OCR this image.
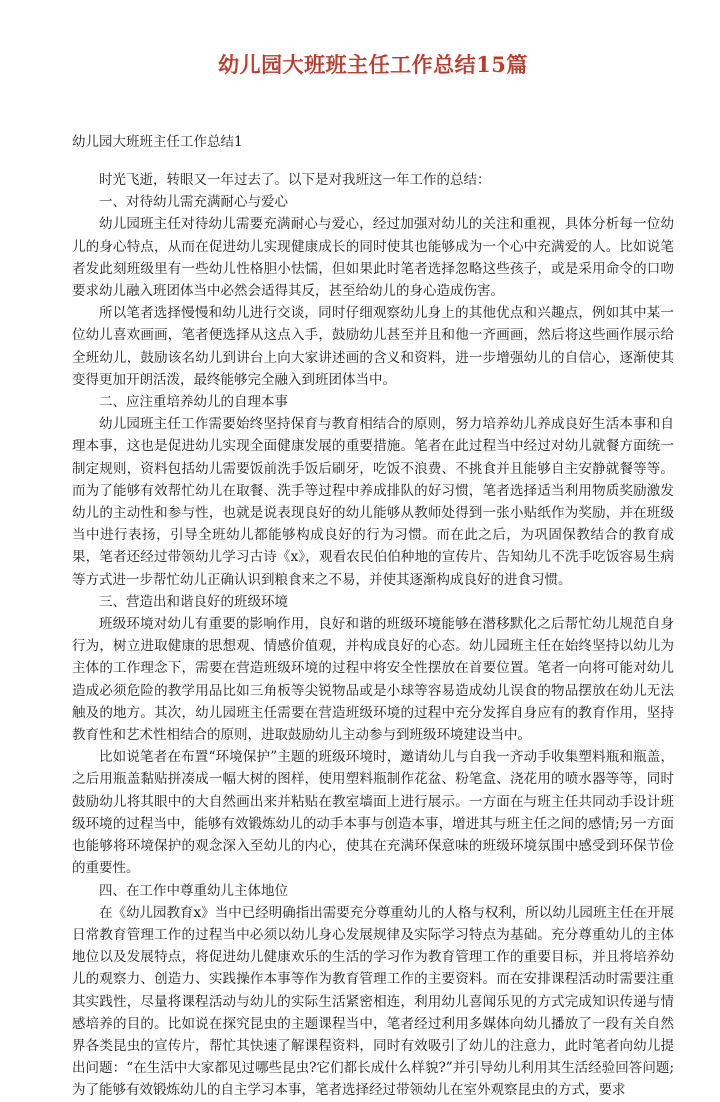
幼儿园大班班主任工作总结15篇

幼儿园大班班主任工作总结1

时光飞逝，转眼又一年过去了。以下是对我班这一年工作的总结：

一、对待幼儿需充满耐心与爱心

幼儿园班主任对待幼儿需要充满耐心与爱心，经过加强对幼儿的关注和重视，具体分析每一位幼儿的身心特点，从而在促进幼儿实现健康成长的同时使其也能够成为一个心中充满爱的人。比如说笔者发此刻班级里有一些幼儿性格胆小怯懦，但如果此时笔者选择忽略这些孩子，或是采用命令的口吻要求幼儿融入班团体当中必然会适得其反，甚至给幼儿的身心造成伤害。

所以笔者选择慢慢和幼儿进行交谈，同时仔细观察幼儿身上的其他优点和兴趣点，例如其中某一位幼儿喜欢画画，笔者便选择从这点入手，鼓励幼儿甚至并且和他一齐画画，然后将这些画作展示给全班幼儿，鼓励该名幼儿到讲台上向大家讲述画的含义和资料，进一步增强幼儿的自信心，逐渐使其变得更加开朗活泼，最终能够完全融入到班团体当中。

二、应注重培养幼儿的自理本事

幼儿园班主任工作需要始终坚持保育与教育相结合的原则，努力培养幼儿养成良好生活本事和自理本事，这也是促进幼儿实现全面健康发展的重要措施。笔者在此过程当中经过对幼儿就餐方面统一制定规则，资料包括幼儿需要饭前洗手饭后刷牙，吃饭不浪费、不挑食并且能够自主安静就餐等等。而为了能够有效帮忙幼儿在取餐、洗手等过程中养成排队的好习惯，笔者选择适当利用物质奖励激发幼儿的主动性和参与性，也就是说表现良好的幼儿能够从教师处得到一张小贴纸作为奖励，并在班级当中进行表扬，引导全班幼儿都能够构成良好的行为习惯。而在此之后，为巩固保教结合的教育成果，笔者还经过带领幼儿学习古诗《x》，观看农民伯伯种地的宣传片、告知幼儿不洗手吃饭容易生病等方式进一步帮忙幼儿正确认识到粮食来之不易，并使其逐渐构成良好的进食习惯。

三、营造出和谐良好的班级环境

班级环境对幼儿有重要的影响作用，良好和谐的班级环境能够在潜移默化之后帮忙幼儿规范自身行为，树立进取健康的思想观、情感价值观，并构成良好的心态。幼儿园班主任在始终坚持以幼儿为主体的工作理念下，需要在营造班级环境的过程中将安全性摆放在首要位置。笔者一向将可能对幼儿造成必须危险的教学用品比如三角板等尖锐物品或是小球等容易造成幼儿误食的物品摆放在幼儿无法触及的地方。其次，幼儿园班主任需要在营造班级环境的过程中充分发挥自身应有的教育作用，坚持教育性和艺术性相结合的原则，进取鼓励幼儿主动参与到班级环境建设当中。

比如说笔者在布置“环境保护”主题的班级环境时，邀请幼儿与自我一齐动手收集塑料瓶和瓶盖，之后用瓶盖黏贴拼凑成一幅大树的图样，使用塑料瓶制作花盆、粉笔盒、浇花用的喷水器等等，同时鼓励幼儿将其眼中的大自然画出来并粘贴在教室墙面上进行展示。一方面在与班主任共同动手设计班级环境的过程当中，能够有效锻炼幼儿的动手本事与创造本事，增进其与班主任之间的感情;另一方面也能够将环境保护的观念深入至幼儿的内心，使其在充满环保意味的班级环境氛围中感受到环保节俭的重要性。

四、在工作中尊重幼儿主体地位

在《幼儿园教育x》当中已经明确指出需要充分尊重幼儿的人格与权利，所以幼儿园班主任在开展日常教育管理工作的过程当中必须以幼儿身心发展规律及实际学习特点为基础。充分尊重幼儿的主体地位以及发展特点，将促进幼儿健康欢乐的生活的学习作为教育管理工作的重要目标，并且将培养幼儿的观察力、创造力、实践操作本事等作为教育管理工作的主要资料。而在安排课程活动时需要注重其实践性，尽量将课程活动与幼儿的实际生活紧密相连，利用幼儿喜闻乐见的方式完成知识传递与情感培养的目的。比如说在探究昆虫的主题课程当中，笔者经过利用多媒体向幼儿播放了一段有关自然界各类昆虫的宣传片，帮忙其快速了解课程资料，同时有效吸引了幼儿的注意力，此时笔者向幼儿提出问题：“在生活中大家都见过哪些昆虫?它们都长成什么样貌?”并引导幼儿利用其生活经验回答问题;为了能够有效锻炼幼儿的自主学习本事，笔者选择经过带领幼儿在室外观察昆虫的方式，要求
